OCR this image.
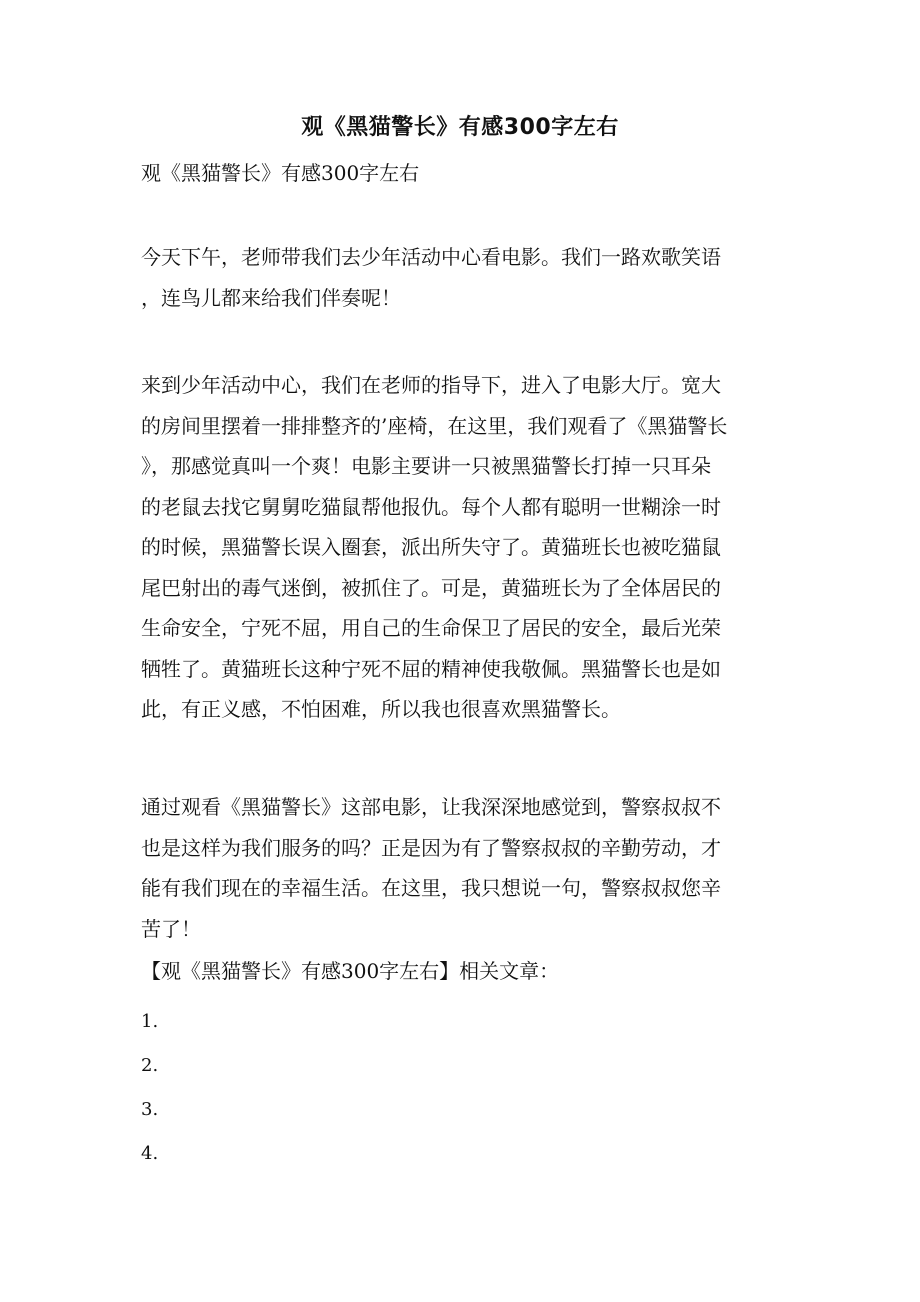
观《黑猫警长》有感300字左右
观《黑猫警长》有感300字左右

今天下午，老师带我们去少年活动中心看电影。我们一路欢歌笑语
，连鸟儿都来给我们伴奏呢！

来到少年活动中心，我们在老师的指导下，进入了电影大厅。宽大
的房间里摆着一排排整齐的’座椅，在这里，我们观看了《黑猫警长
》，那感觉真叫一个爽！电影主要讲一只被黑猫警长打掉一只耳朵
的老鼠去找它舅舅吃猫鼠帮他报仇。每个人都有聪明一世糊涂一时
的时候，黑猫警长误入圈套，派出所失守了。黄猫班长也被吃猫鼠
尾巴射出的毒气迷倒，被抓住了。可是，黄猫班长为了全体居民的
生命安全，宁死不屈，用自己的生命保卫了居民的安全，最后光荣
牺牲了。黄猫班长这种宁死不屈的精神使我敬佩。黑猫警长也是如
此，有正义感，不怕困难，所以我也很喜欢黑猫警长。

通过观看《黑猫警长》这部电影，让我深深地感觉到，警察叔叔不
也是这样为我们服务的吗？正是因为有了警察叔叔的辛勤劳动，才
能有我们现在的幸福生活。在这里，我只想说一句，警察叔叔您辛
苦了！

【观《黑猫警长》有感300字左右】相关文章：
1.
2.
3.
4.
